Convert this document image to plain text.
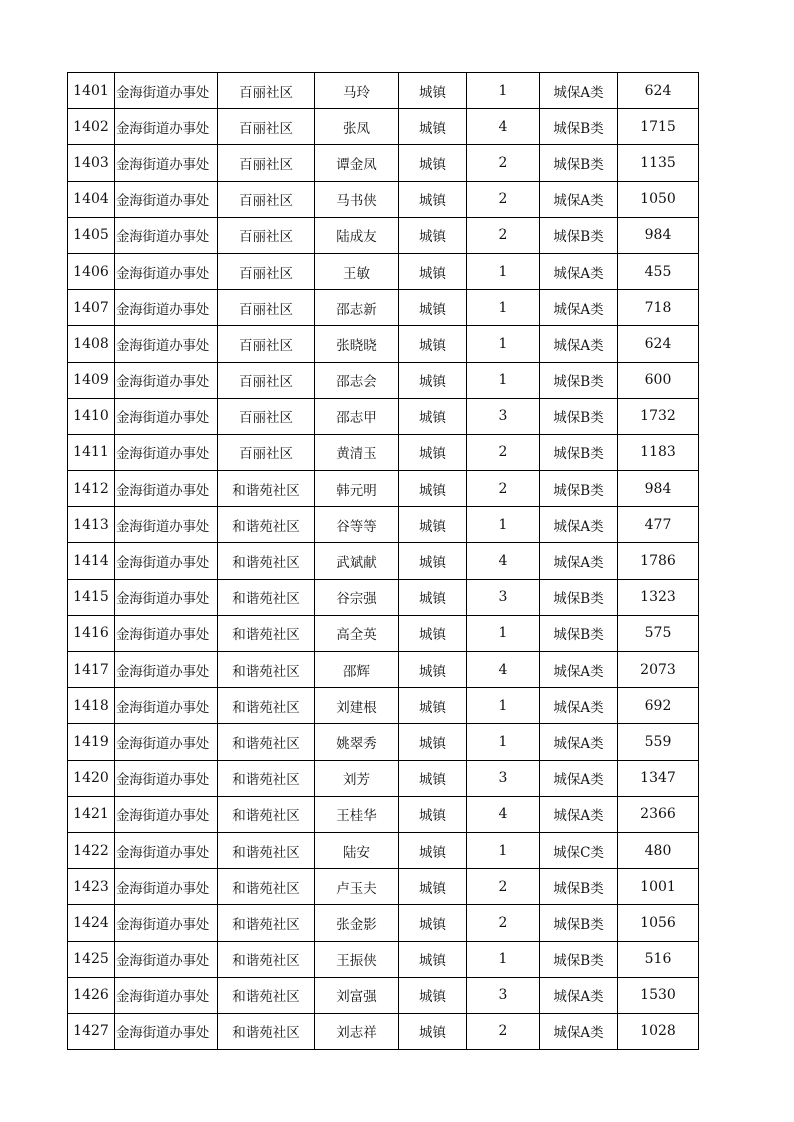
1401	金海街道办事处	百丽社区	马玲	城镇	1	城保A类	624
1402	金海街道办事处	百丽社区	张凤	城镇	4	城保B类	1715
1403	金海街道办事处	百丽社区	谭金凤	城镇	2	城保B类	1135
1404	金海街道办事处	百丽社区	马书侠	城镇	2	城保A类	1050
1405	金海街道办事处	百丽社区	陆成友	城镇	2	城保B类	984
1406	金海街道办事处	百丽社区	王敏	城镇	1	城保A类	455
1407	金海街道办事处	百丽社区	邵志新	城镇	1	城保A类	718
1408	金海街道办事处	百丽社区	张晓晓	城镇	1	城保A类	624
1409	金海街道办事处	百丽社区	邵志会	城镇	1	城保B类	600
1410	金海街道办事处	百丽社区	邵志甲	城镇	3	城保B类	1732
1411	金海街道办事处	百丽社区	黄清玉	城镇	2	城保B类	1183
1412	金海街道办事处	和谐苑社区	韩元明	城镇	2	城保B类	984
1413	金海街道办事处	和谐苑社区	谷等等	城镇	1	城保A类	477
1414	金海街道办事处	和谐苑社区	武斌献	城镇	4	城保A类	1786
1415	金海街道办事处	和谐苑社区	谷宗强	城镇	3	城保B类	1323
1416	金海街道办事处	和谐苑社区	高全英	城镇	1	城保B类	575
1417	金海街道办事处	和谐苑社区	邵辉	城镇	4	城保A类	2073
1418	金海街道办事处	和谐苑社区	刘建根	城镇	1	城保A类	692
1419	金海街道办事处	和谐苑社区	姚翠秀	城镇	1	城保A类	559
1420	金海街道办事处	和谐苑社区	刘芳	城镇	3	城保A类	1347
1421	金海街道办事处	和谐苑社区	王桂华	城镇	4	城保A类	2366
1422	金海街道办事处	和谐苑社区	陆安	城镇	1	城保C类	480
1423	金海街道办事处	和谐苑社区	卢玉夫	城镇	2	城保B类	1001
1424	金海街道办事处	和谐苑社区	张金影	城镇	2	城保B类	1056
1425	金海街道办事处	和谐苑社区	王振侠	城镇	1	城保B类	516
1426	金海街道办事处	和谐苑社区	刘富强	城镇	3	城保A类	1530
1427	金海街道办事处	和谐苑社区	刘志祥	城镇	2	城保A类	1028
